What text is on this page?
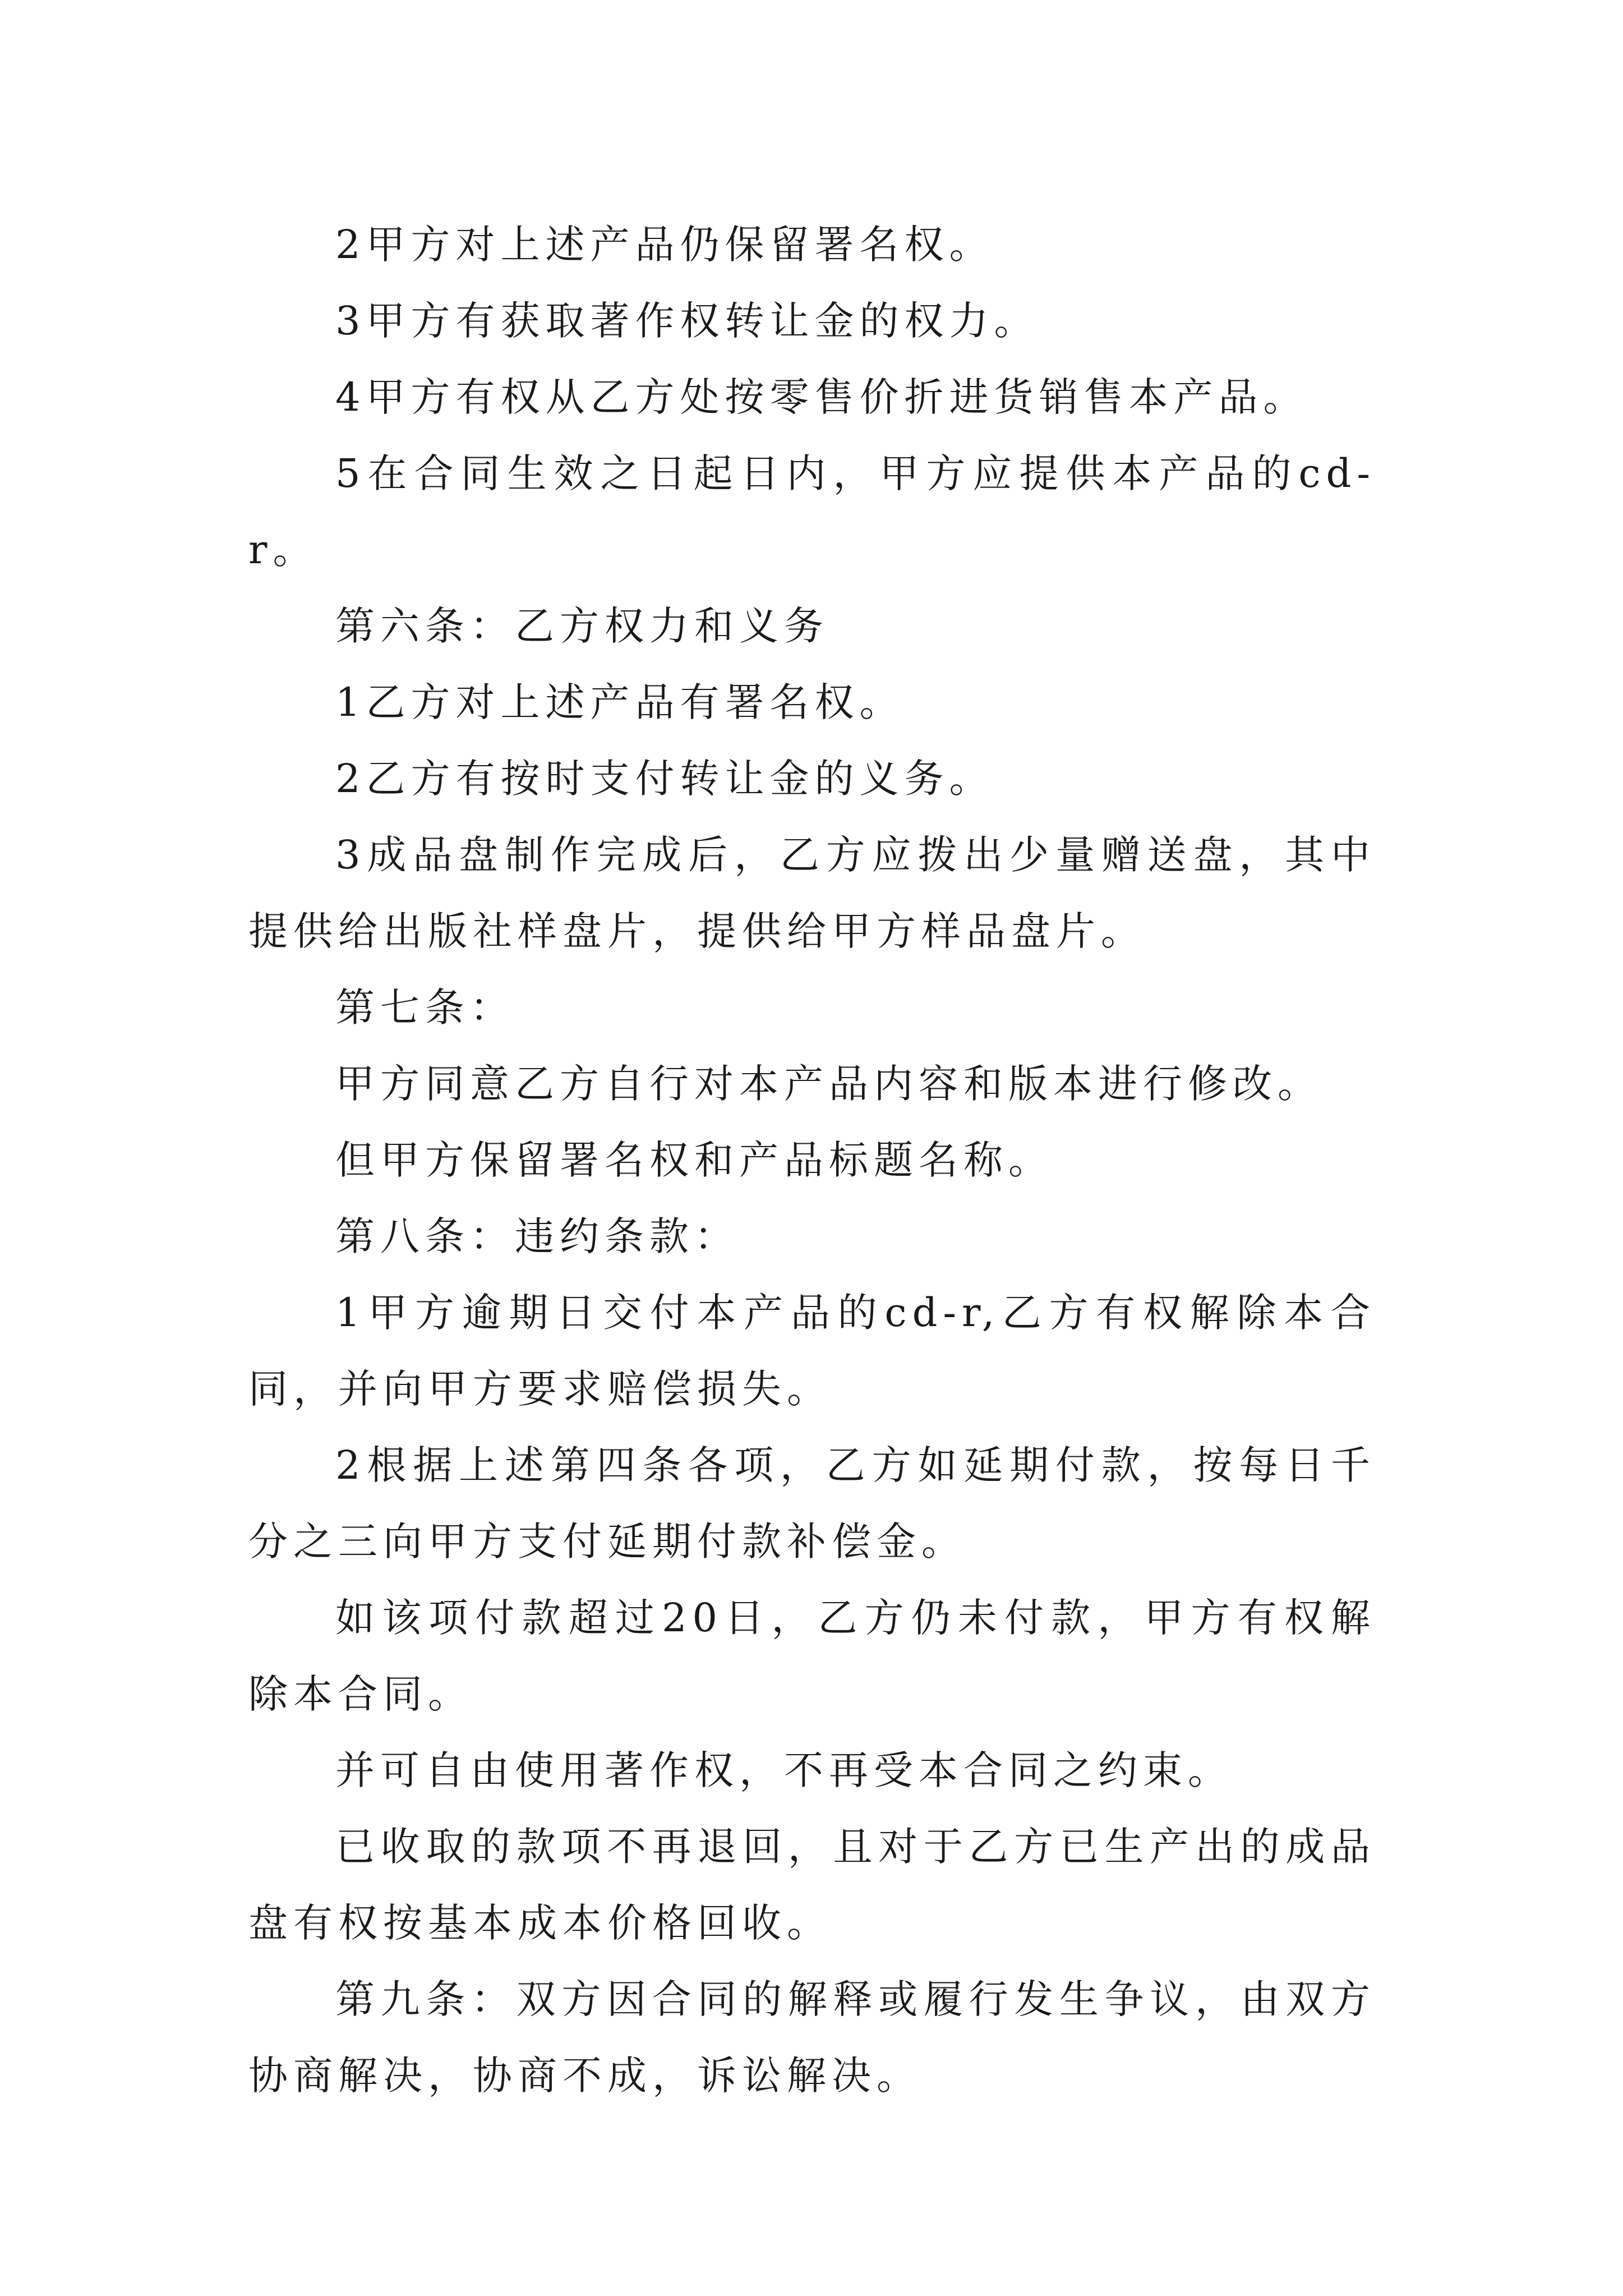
2甲方对上述产品仍保留署名权。

3甲方有获取著作权转让金的权力。

4甲方有权从乙方处按零售价折进货销售本产品。

5在合同生效之日起日内，甲方应提供本产品的cd-r。

第六条：乙方权力和义务

1乙方对上述产品有署名权。

2乙方有按时支付转让金的义务。

3成品盘制作完成后，乙方应拨出少量赠送盘，其中提供给出版社样盘片，提供给甲方样品盘片。

第七条：

甲方同意乙方自行对本产品内容和版本进行修改。

但甲方保留署名权和产品标题名称。

第八条：违约条款：

1甲方逾期日交付本产品的cd-r,乙方有权解除本合同，并向甲方要求赔偿损失。

2根据上述第四条各项，乙方如延期付款，按每日千分之三向甲方支付延期付款补偿金。

如该项付款超过20日，乙方仍未付款，甲方有权解除本合同。

并可自由使用著作权，不再受本合同之约束。

已收取的款项不再退回，且对于乙方已生产出的成品盘有权按基本成本价格回收。

第九条：双方因合同的解释或履行发生争议，由双方协商解决，协商不成，诉讼解决。
